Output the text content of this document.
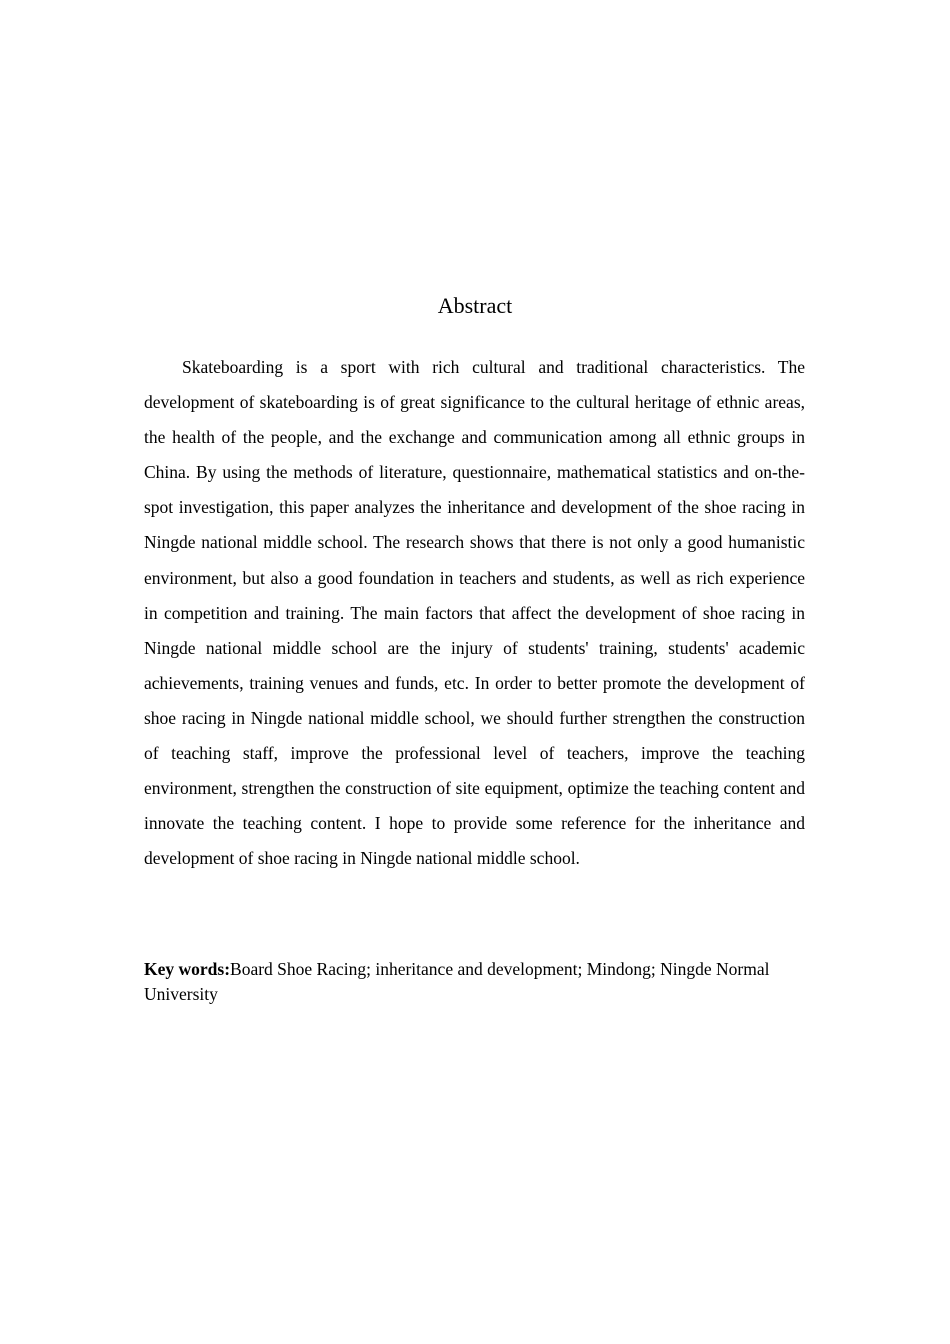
Abstract

Skateboarding is a sport with rich cultural and traditional characteristics. The development of skateboarding is of great significance to the cultural heritage of ethnic areas, the health of the people, and the exchange and communication among all ethnic groups in China. By using the methods of literature, questionnaire, mathematical statistics and on-the-spot investigation, this paper analyzes the inheritance and development of the shoe racing in Ningde national middle school. The research shows that there is not only a good humanistic environment, but also a good foundation in teachers and students, as well as rich experience in competition and training. The main factors that affect the development of shoe racing in Ningde national middle school are the injury of students' training, students' academic achievements, training venues and funds, etc. In order to better promote the development of shoe racing in Ningde national middle school, we should further strengthen the construction of teaching staff, improve the professional level of teachers, improve the teaching environment, strengthen the construction of site equipment, optimize the teaching content and innovate the teaching content. I hope to provide some reference for the inheritance and development of shoe racing in Ningde national middle school.

Key words:Board Shoe Racing; inheritance and development; Mindong; Ningde Normal University
